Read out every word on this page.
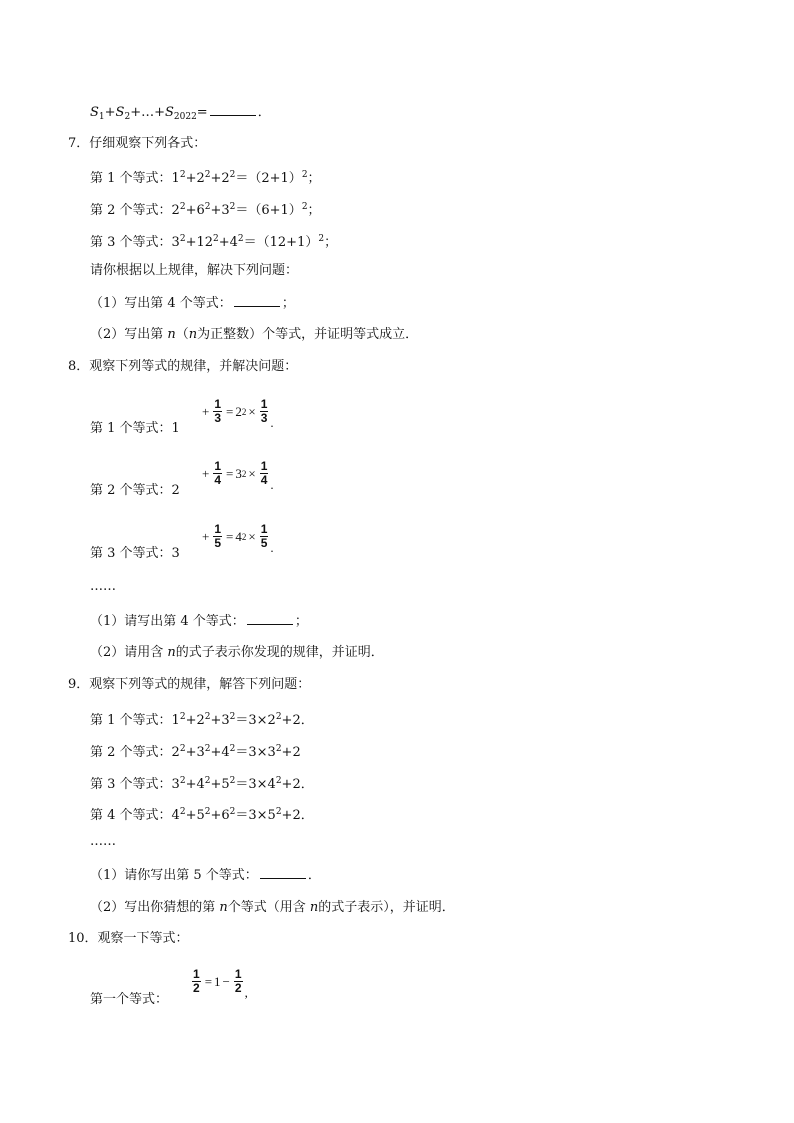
$S_1+S_2+\dots+S_{2022}=$	．
7．仔细观察下列各式：
第 1 个等式：$1^2+2^2+2^2=(2+1)^2$；
第 2 个等式：$2^2+6^2+3^2=(6+1)^2$；
第 3 个等式：$3^2+12^2+4^2=(12+1)^2$；
请你根据以上规律，解决下列问题：
（1）写出第 4 个等式：	；
（2）写出第 n（n为正整数）个等式，并证明等式成立．
8．观察下列等式的规律，并解决问题：
第 1 个等式：1
+ $\frac{1}{3} = 2$ $2 \times \frac{1}{3}$ .
第 2 个等式：2
+ $\frac{1}{4} = 3$ $2 \times \frac{1}{4}$ .
第 3 个等式：3
+ $\frac{1}{5} = 4$ $2 \times \frac{1}{5}$ .
……
（1）请写出第 4 个等式：	；
（2）请用含 n的式子表示你发现的规律，并证明．
9．观察下列等式的规律，解答下列问题：
第 1 个等式：$1^2+2^2+3^2=3\times 2^2+2$．
第 2 个等式：$2^2+3^2+4^2=3\times 3^2+2$
第 3 个等式：$3^2+4^2+5^2=3\times 4^2+2$．
第 4 个等式：$4^2+5^2+6^2=3\times 5^2+2$．
……
（1）请你写出第 5 个等式：	．
（2）写出你猜想的第 n个等式（用含 n的式子表示），并证明．
10．观察一下等式：
第一个等式：
$\frac{1}{2} = 1 - \frac{1}{2}$ ,
